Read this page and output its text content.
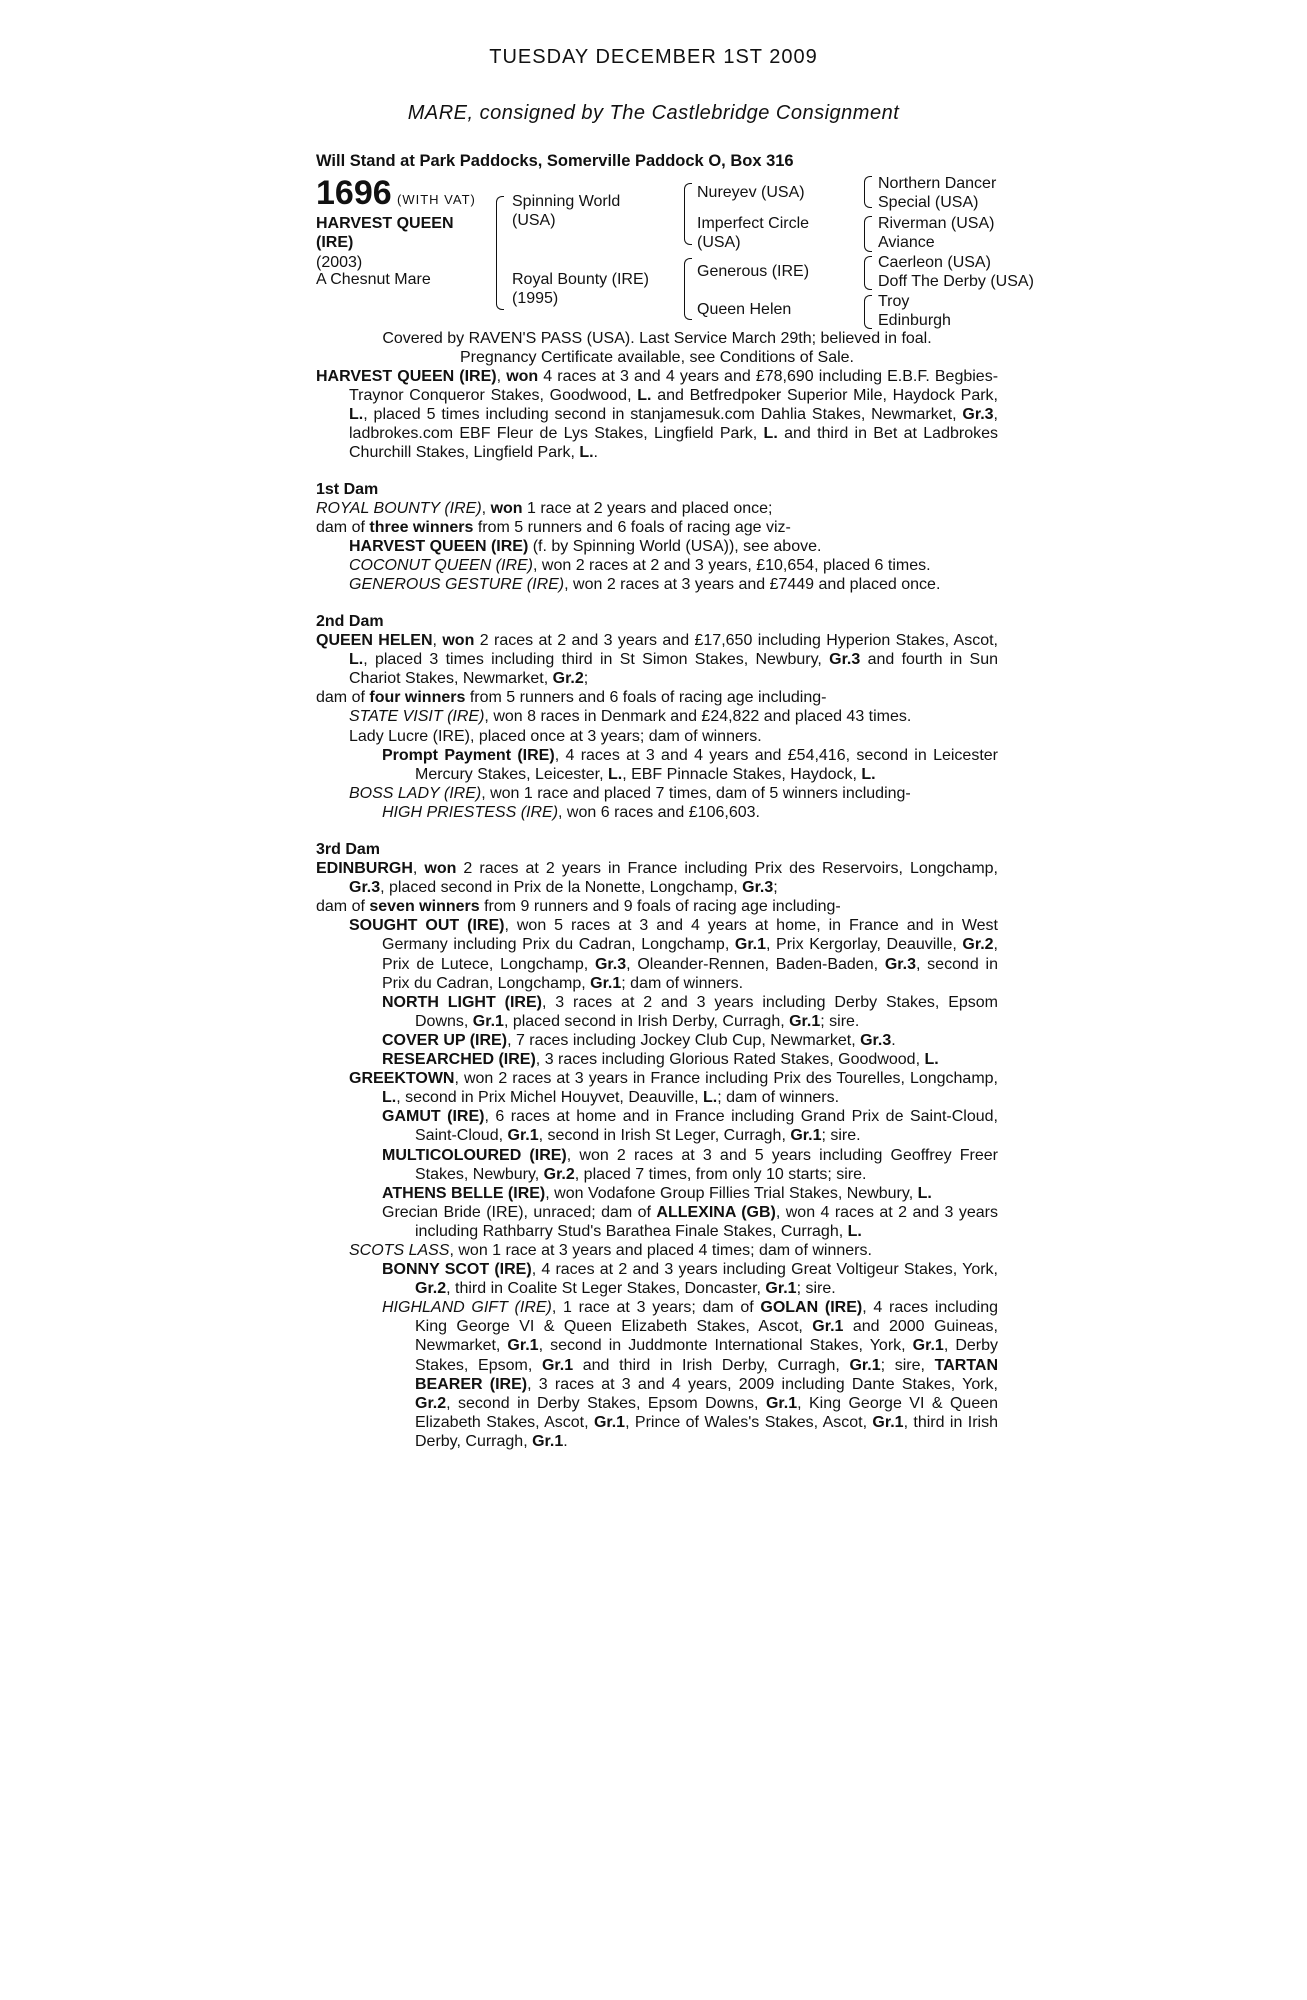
TUESDAY DECEMBER 1ST 2009
MARE, consigned by The Castlebridge Consignment
Will Stand at Park Paddocks, Somerville Paddock O, Box 316
1696 (WITH VAT)
HARVEST QUEEN (IRE)
(2003)
A Chesnut Mare
Spinning World (USA)
Royal Bounty (IRE) (1995)
Nureyev (USA)
Imperfect Circle (USA)
Generous (IRE)
Queen Helen
Northern Dancer
Special (USA)
Riverman (USA)
Aviance
Caerleon (USA)
Doff The Derby (USA)
Troy
Edinburgh

Covered by RAVEN'S PASS (USA). Last Service March 29th; believed in foal.

Pregnancy Certificate available, see Conditions of Sale.

HARVEST QUEEN (IRE), won 4 races at 3 and 4 years and £78,690 including E.B.F. Begbies-Traynor Conqueror Stakes, Goodwood, L. and Betfredpoker Superior Mile, Haydock Park, L., placed 5 times including second in stanjamesuk.com Dahlia Stakes, Newmarket, Gr.3, ladbrokes.com EBF Fleur de Lys Stakes, Lingfield Park, L. and third in Bet at Ladbrokes Churchill Stakes, Lingfield Park, L..

1st Dam

ROYAL BOUNTY (IRE), won 1 race at 2 years and placed once;

dam of three winners from 5 runners and 6 foals of racing age viz-

HARVEST QUEEN (IRE) (f. by Spinning World (USA)), see above.

COCONUT QUEEN (IRE), won 2 races at 2 and 3 years, £10,654, placed 6 times.

GENEROUS GESTURE (IRE), won 2 races at 3 years and £7449 and placed once.

2nd Dam

QUEEN HELEN, won 2 races at 2 and 3 years and £17,650 including Hyperion Stakes, Ascot, L., placed 3 times including third in St Simon Stakes, Newbury, Gr.3 and fourth in Sun Chariot Stakes, Newmarket, Gr.2;

dam of four winners from 5 runners and 6 foals of racing age including-

STATE VISIT (IRE), won 8 races in Denmark and £24,822 and placed 43 times.

Lady Lucre (IRE), placed once at 3 years; dam of winners.

Prompt Payment (IRE), 4 races at 3 and 4 years and £54,416, second in Leicester Mercury Stakes, Leicester, L., EBF Pinnacle Stakes, Haydock, L.

BOSS LADY (IRE), won 1 race and placed 7 times, dam of 5 winners including-

HIGH PRIESTESS (IRE), won 6 races and £106,603.

3rd Dam

EDINBURGH, won 2 races at 2 years in France including Prix des Reservoirs, Longchamp, Gr.3, placed second in Prix de la Nonette, Longchamp, Gr.3;

dam of seven winners from 9 runners and 9 foals of racing age including-

SOUGHT OUT (IRE), won 5 races at 3 and 4 years at home, in France and in West Germany including Prix du Cadran, Longchamp, Gr.1, Prix Kergorlay, Deauville, Gr.2, Prix de Lutece, Longchamp, Gr.3, Oleander-Rennen, Baden-Baden, Gr.3, second in Prix du Cadran, Longchamp, Gr.1; dam of winners.

NORTH LIGHT (IRE), 3 races at 2 and 3 years including Derby Stakes, Epsom Downs, Gr.1, placed second in Irish Derby, Curragh, Gr.1; sire.

COVER UP (IRE), 7 races including Jockey Club Cup, Newmarket, Gr.3.

RESEARCHED (IRE), 3 races including Glorious Rated Stakes, Goodwood, L.

GREEKTOWN, won 2 races at 3 years in France including Prix des Tourelles, Longchamp, L., second in Prix Michel Houyvet, Deauville, L.; dam of winners.

GAMUT (IRE), 6 races at home and in France including Grand Prix de Saint-Cloud, Saint-Cloud, Gr.1, second in Irish St Leger, Curragh, Gr.1; sire.

MULTICOLOURED (IRE), won 2 races at 3 and 5 years including Geoffrey Freer Stakes, Newbury, Gr.2, placed 7 times, from only 10 starts; sire.

ATHENS BELLE (IRE), won Vodafone Group Fillies Trial Stakes, Newbury, L.

Grecian Bride (IRE), unraced; dam of ALLEXINA (GB), won 4 races at 2 and 3 years including Rathbarry Stud's Barathea Finale Stakes, Curragh, L.

SCOTS LASS, won 1 race at 3 years and placed 4 times; dam of winners.

BONNY SCOT (IRE), 4 races at 2 and 3 years including Great Voltigeur Stakes, York, Gr.2, third in Coalite St Leger Stakes, Doncaster, Gr.1; sire.

HIGHLAND GIFT (IRE), 1 race at 3 years; dam of GOLAN (IRE), 4 races including King George VI & Queen Elizabeth Stakes, Ascot, Gr.1 and 2000 Guineas, Newmarket, Gr.1, second in Juddmonte International Stakes, York, Gr.1, Derby Stakes, Epsom, Gr.1 and third in Irish Derby, Curragh, Gr.1; sire, TARTAN BEARER (IRE), 3 races at 3 and 4 years, 2009 including Dante Stakes, York, Gr.2, second in Derby Stakes, Epsom Downs, Gr.1, King George VI & Queen Elizabeth Stakes, Ascot, Gr.1, Prince of Wales's Stakes, Ascot, Gr.1, third in Irish Derby, Curragh, Gr.1.
